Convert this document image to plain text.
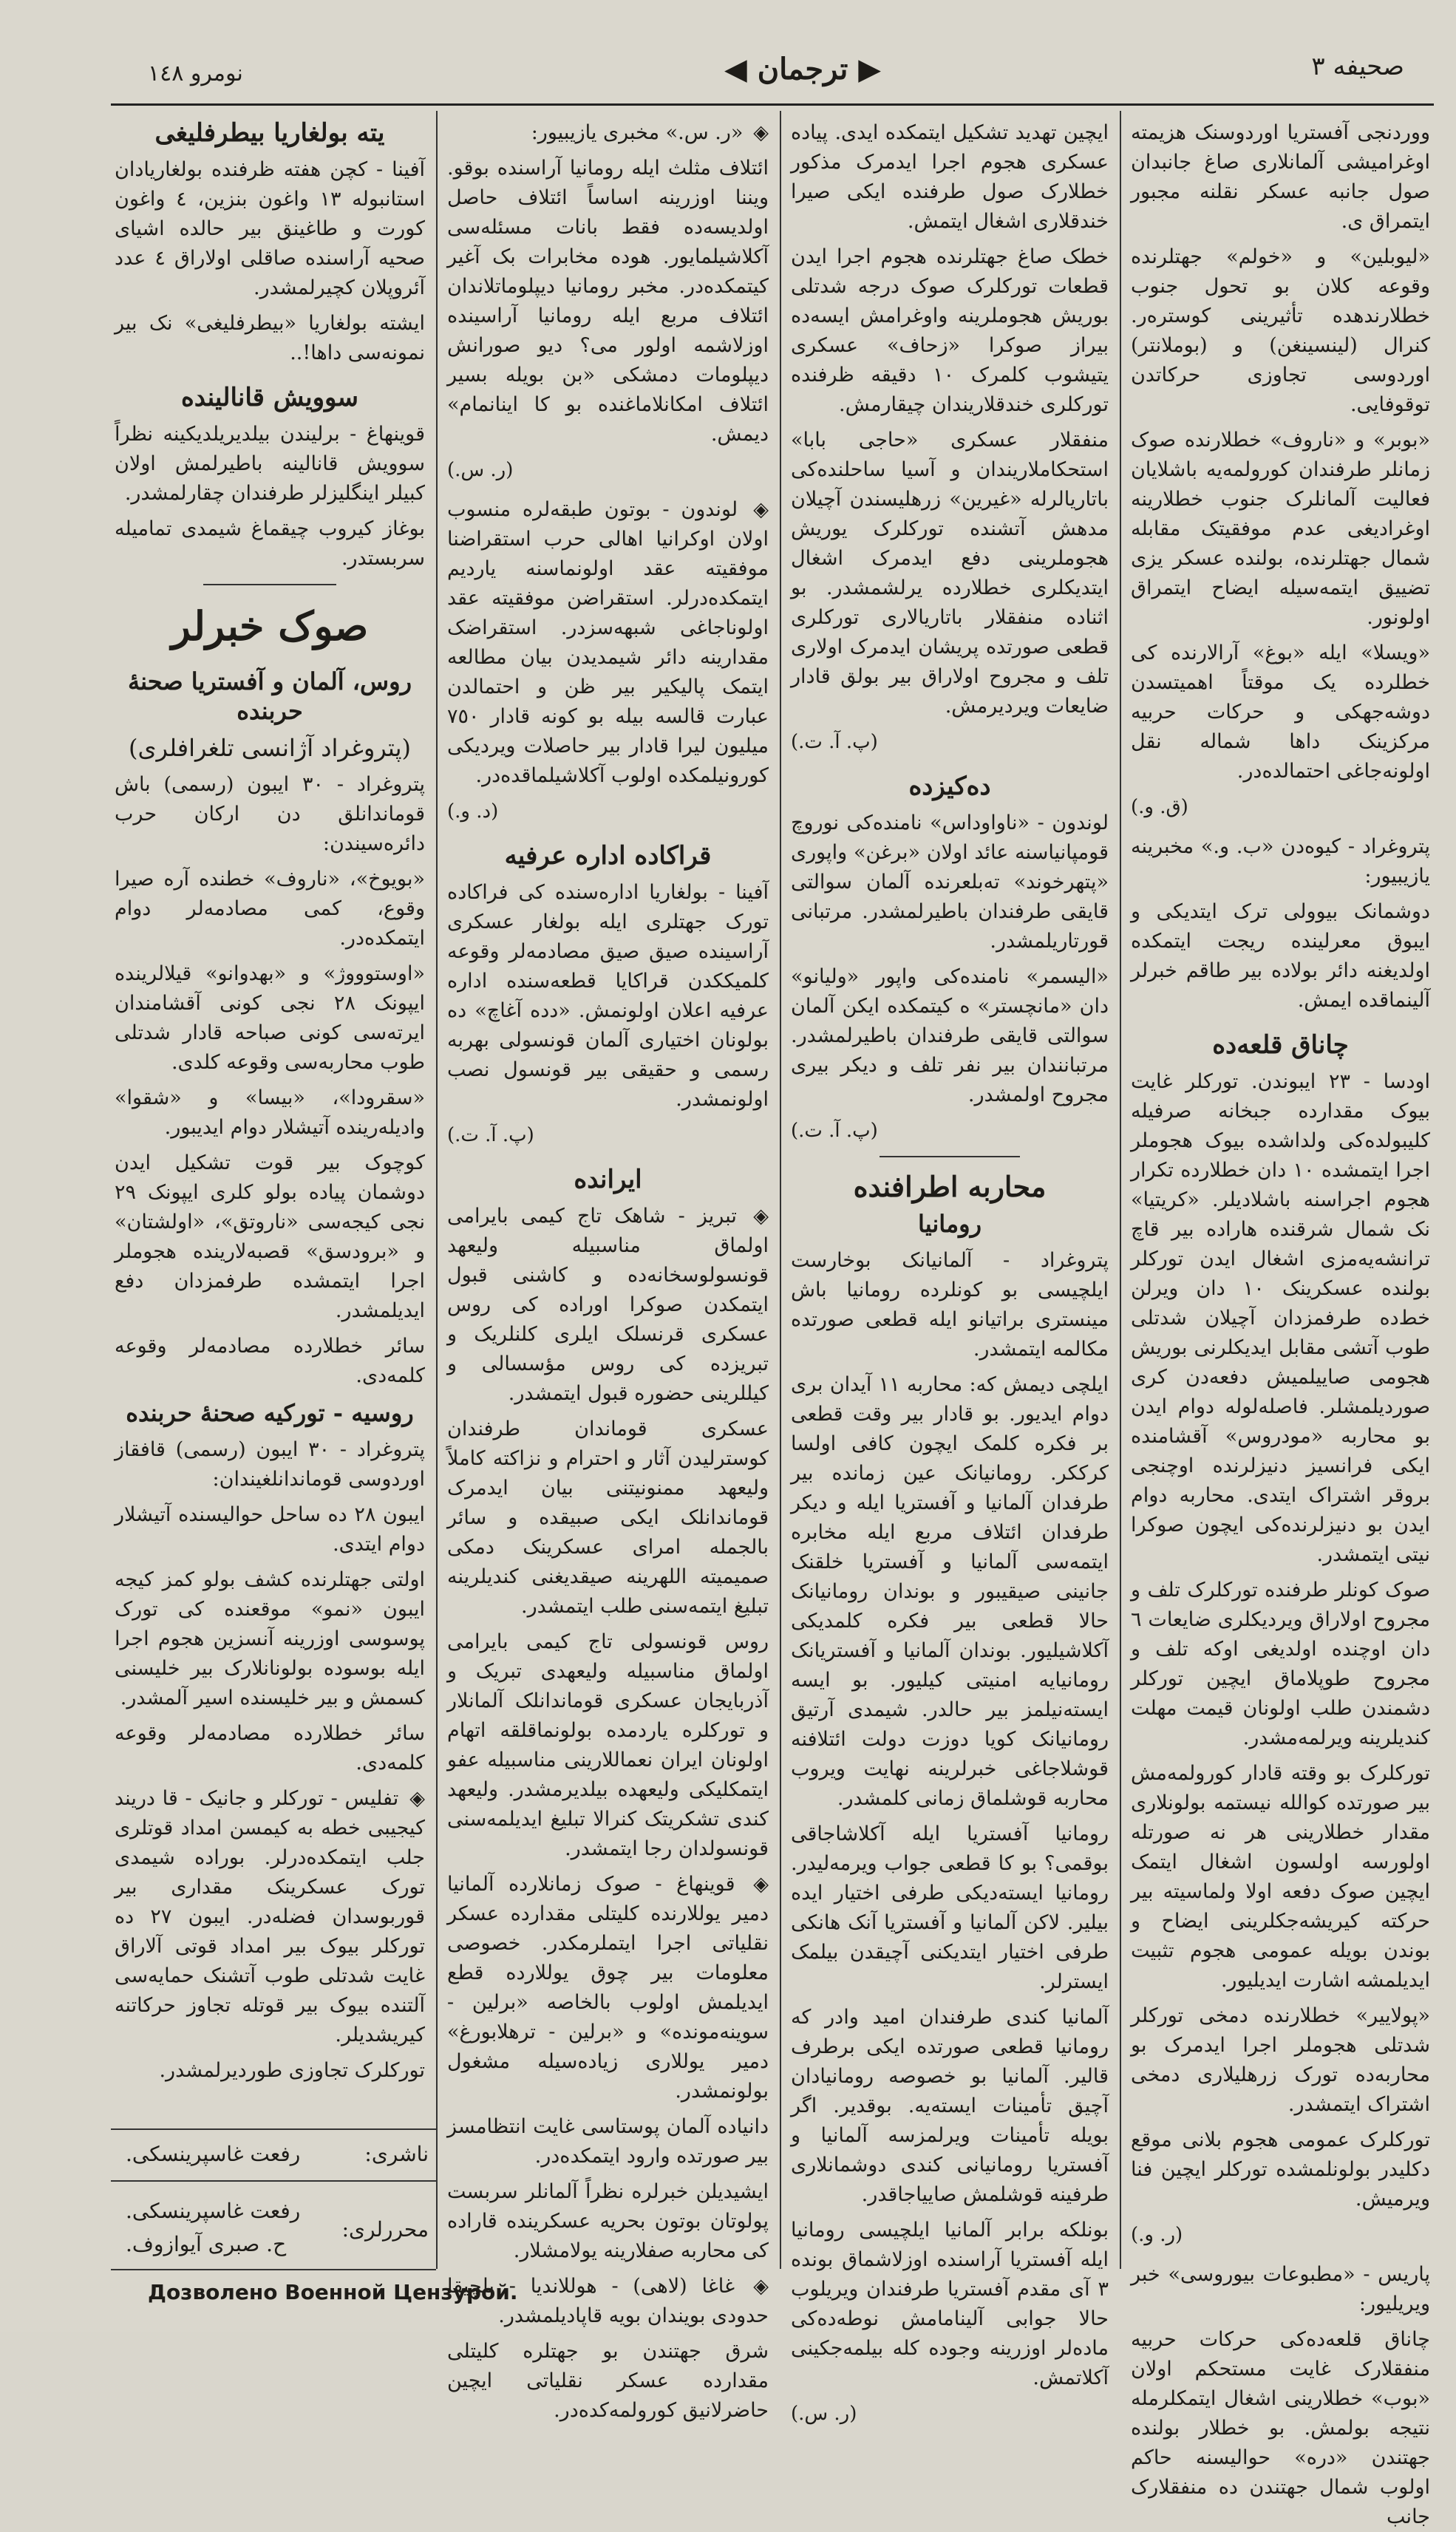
نومرو ١٤٨	◀ ترجمان ▶	صحیفه ٣

ووردنجی آفستریا اوردوسنک هزیمته اوغرامیشی آلمانلاری صاغ جانبدان صول جانبه عسکر نقلنه مجبور ایتمراق ی.

«لیوبلین» و «خولم» جهتلرنده وقوعه کلان بو تحول جنوب خطلارندهده تأثیرینی کوستره‌ر. کنرال (لینسینغن) و (بوملانتر) اوردوسی تجاوزی حرکاتدن توقوفایی.

«بوبر» و «ناروف» خطلارنده صوک زمانلر طرفندان کورولمه‌یه باشلایان فعالیت آلمانلرک جنوب خطلارینه اوغرادیغی عدم موفقیتک مقابله شمال جهتلرنده، بولنده عسکر یزی تضییق ایتمه‌سیله ایضاح ایتمراق اولونور.

«ویسلا» ایله «بوغ» آرالارنده کی خطلرده یک موقتاً اهمیتسدن دوشه‌جهکی و حرکات حربیه مرکزینک داها شماله نقل اولونه‌جاغی احتمالده‌در.

(ق. و.)

پتروغراد - کیوه‌دن «ب. و.» مخبرینه یازیبیور:

دوشمانک بیوولی ترک ایتدیکی و ایبوق معرلینده ریجت ایتمکده اولدیغنه دائر بولاده بیر طاقم خبرلر آلینماقده ایمش.

چاناق قلعه‌ده

اودسا - ٢٣ ایبوندن. تورکلر غایت بیوک مقدارده جبخانه صرفیله کلیبولده‌کی ولداشده بیوک هجوملر اجرا ایتمشده ۱۰ دان خطلارده تکرار هجوم اجراسنه باشلادیلر. «کریتیا» نک شمال شرقنده هاراده بیر قاچ ترانشه‌یه‌مزی اشغال ایدن تورکلر بولنده عسکرینک ۱۰ دان ویرلن خط‌ده طرفمزدان آچیلان شدتلی طوب آتشی مقابل ایدیکلرنی بوریش هجومی صاییلمیش دفعه‌دن کری صوردیلمشلر. فاصله‌لوله دوام ایدن بو محاربه «مودروس» آقشامنده ایکی فرانسیز دنیزلرنده اوچنجی بروقر اشتراک ایتدی. محاربه دوام ایدن بو دنیزلرنده‌کی ایچون صوکرا نیتی ایتمشدر.

صوک کونلر طرفنده تورکلرک تلف و مجروح اولاراق ویردیکلری ضایعات ٦ دان اوچنده اولدیغی اوکه تلف و مجروح طوپلاماق ایچین تورکلر دشمندن طلب اولونان قیمت مهلت کندیلرینه ویرلمه‌مشدر.

تورکلرک بو وقته قادار کورولمه‌مش بیر صورتده کوالله نیستمه بولونلاری مقدار خطلارینی هر نه صورتله اولورسه اولسون اشغال ایتمک ایچین صوک دفعه اولا ولماسیته بیر حرکته کیریشه‌جکلرینی ایضاح و بوندن بویله عمومی هجوم تثبیت ایدیلمشه اشارت ایدیلیور.

«پولاییر» خطلارنده دمخی تورکلر شدتلی هجوملر اجرا ایدمرک بو محاربه‌ده تورک زرهلیلاری دمخی اشتراک ایتمشدر.

تورکلرک عمومی هجوم بلانی موقع دکلیدر بولونلمشده تورکلر ایچین فنا ویرمیش.

(ر. و.)

پاریس - «مطبوعات بیوروسی» خبر ویریلیور:

چاناق قلعه‌ده‌کی حرکات حربیه منفقلارک غایت مستحکم اولان «بوب» خطلارینی اشغال ایتمکلرمله نتیجه بولمش. بو خطلار بولنده جهتندن «دره» حوالیسنه حاکم اولوب شمال جهتندن ده منفقلارک جانب

ایچین تهدید تشکیل ایتمکده ایدی. پیاده عسکری هجوم اجرا ایدمرک مذکور خطلارک صول طرفنده ایکی صیرا خندقلاری اشغال ایتمش.

خطک صاغ جهتلرنده هجوم اجرا ایدن قطعات تورکلرک صوک درجه شدتلی بوریش هجوملرینه واوغرامش ایسه‌ده بیراز صوکرا «زحاف» عسکری یتیشوب کلمرک ١٠ دقیقه ظرفنده تورکلری خندقلاریندان چیقارمش.

منفقلار عسکری «حاجی بابا» استحکاملاریندان و آسیا ساحلنده‌کی باتاریالرله «غیرین» زرهلیسندن آچیلان مدهش آتشنده تورکلرک یوریش هجوملرینی دفع ایدمرک اشغال ایتدیکلری خطلارده یرلشمشدر. بو اثناده منفقلار باتاریالاری تورکلری قطعی صورتده پریشان ایدمرک اولاری تلف و مجروح اولاراق بیر بولق قادار ضایعات ویردیرمش.

(پ. آ. ت.)
ده‌کیزده

لوندون - «ناواوداس» نامنده‌کی نوروچ قومپانیاسنه عائد اولان «برغن» واپوری «پتهرخوند» ته‌بلعرنده آلمان سوالتی قایقی طرفندان باطیرلمشدر. مرتبانی قورتاریلمشدر.

«الیسمر» نامنده‌کی واپور «ولیانو» دان «مانچستر» ه کیتمکده ایکن آلمان سوالتی قایقی طرفندان باطیرلمشدر. مرتبانندان بیر نفر تلف و دیکر بیری مجروح اولمشدر.

(پ. آ. ت.)
محاربه اطرافنده
رومانیا

پتروغراد - آلمانیانک بوخارست ایلچیسی بو کونلرده رومانیا باش مینستری براتیانو ایله قطعی صورتده مکالمه ایتمشدر.

ایلچی دیمش که: محاربه ١١ آیدان بری دوام ایدیور. بو قادار بیر وقت قطعی بر فکره کلمک ایچون کافی اولسا کرککر. رومانیانک عین زمانده بیر طرفدان آلمانیا و آفستریا ایله و دیکر طرفدان ائتلاف مربع ایله مخابره ایتمه‌سی آلمانیا و آفستریا خلقنک جانینی صیقیبور و بوندان رومانیانک حالا قطعی بیر فکره کلمدیکی آکلاشیلیور. بوندان آلمانیا و آفستریانک رومانیایه امنیتی کیلیور. بو ایسه ایسته‌نیلمز بیر حالدر. شیمدی آرتیق رومانیانک کویا دوزت دولت ائتلافنه قوشلاجاغی خبرلرینه نهایت ویروب محاربه قوشلماق زمانی کلمشدر.

رومانیا آفستریا ایله آکلاشاجاقی بوقمی؟ بو کا قطعی جواب ویرمه‌لیدر. رومانیا ایسته‌دیکی طرفی اختیار ایده بیلیر. لاکن آلمانیا و آفستریا آنک هانکی طرفی اختیار ایتدیکنی آچیقدن بیلمک ایسترلر.

آلمانیا کندی طرفندان امید وادر که رومانیا قطعی صورتده ایکی برطرف قالیر. آلمانیا بو خصوصه رومانیادان آچیق تأمینات ایسته‌یه. بوقدیر. اگر بویله تأمینات ویرلمزسه آلمانیا و آفستریا رومانیانی کندی دوشمانلاری طرفینه قوشلمش صاییاجاقدر.

بونلکه برابر آلمانیا ایلچیسی رومانیا ایله آفستریا آراسنده اوزلاشماق بونده ٣ آی مقدم آفستریا طرفندان ویریلوب حالا جوابی آلینامامش نوطه‌ده‌کی ماده‌لر اوزرینه وجوده کله بیلمه‌جکینی آکلاتمش.

(ر. س.)

◈ «ر. س.» مخبری یازیبیور:

ائتلاف مثلث ایله رومانیا آراسنده بوقو. ویننا اوزرینه اساساً ائتلاف حاصل اولدیسه‌ده فقط بانات مسئله‌سی آکلاشیلمایور. هوده مخابرات بک آغیر کیتمکده‌در. مخبر رومانیا دیپلوماتلاندان ائتلاف مربع ایله رومانیا آراسینده اوزلاشمه اولور می؟ دیو صورانش دیپلومات دمشکی «بن بویله بسیر ائتلاف امکانلاماغنده بو کا اینانمام» دیمش.

(ر. س.)

◈ لوندون - بوتون طبقه‌لره منسوب اولان اوکرانیا اهالی حرب استقراضنا موفقیته عقد اولونماسنه یاردیم ایتمکده‌درلر. استقراضن موفقیته عقد اولوناجاغی شبهه‌سزدر. استقراضک مقدارینه دائر شیمدیدن بیان مطالعه ایتمک پالیکیر بیر ظن و احتمالدن عبارت قالسه بیله بو کونه قادار ٧٥٠ میلیون لیرا قادار بیر حاصلات ویردیکی کورونیلمکده اولوب آکلاشیلماقده‌در.

(د. و.)
قراکاده اداره عرفیه

آفینا - بولغاریا ادارەسنده کی فراکاده تورک جهتلری ایله بولغار عسکری آراسینده صیق صیق مصادمه‌لر وقوعه کلمیککدن قراکایا قطعه‌سنده اداره عرفیه اعلان اولونمش. «دده آغاچ» ده بولونان اختیاری آلمان قونسولی بهربه رسمی و حقیقی بیر قونسول نصب اولونمشدر.

(پ. آ. ت.)
ایرانده

◈ تبریز - شاهک تاج کیمی بایرامی اولماق مناسبیله ولیعهد قونسولوسخانه‌ده و کاشنی قبول ایتمکدن صوکرا اوراده کی روس عسکری قرنسلک ایلری کلنلریک و تبریزده کی روس مؤسسالی و کیللرینی حضوره قبول ایتمشدر.

عسکری قوماندان طرفندان کوسترلیدن آثار و احترام و نزاکته کاملاً ولیعهد ممنونیتنی بیان ایدمرک قوماندانلک ایکی صبیقده و سائر بالجمله امرای عسکرینک دمکی صمیمیته اللهرینه صیقدیغنی کندیلرینه تبلیغ ایتمه‌سنی طلب ایتمشدر.

روس قونسولی تاج کیمی بایرامی اولماق مناسبیله ولیعهدی تبریک و آذربایجان عسکری قوماندانلک آلمانلار و تورکلره یاردمده بولونماقلقه اتهام اولونان ایران نعماللارینی مناسبیله عفو ایتمکلیکی ولیعهده بیلدیرمشدر. ولیعهد کندی تشکریتک کنرالا تبلیغ ایدیلمه‌سنی قونسولدان رجا ایتمشدر.

◈ قوینهاغ - صوک زمانلارده آلمانیا دمیر یوللارنده کلیتلی مقدارده عسکر نقلیاتی اجرا ایتملرمکدر. خصوصی معلومات بیر چوق یوللارده قطع ایدیلمش اولوب بالخاصه «برلین - سوینه‌موندە» و «برلین - ترهلابورغ» دمیر یوللاری زیاده‌سیله مشغول بولونمشدر.

دانیاده آلمان پوستاسی غایت انتظامسز بیر صورتده وارود ایتمکده‌در.

ایشیدیلن خبرلره نظراً آلمانلر سربست پولوتان بوتون بحریه عسکرینده قاراده کی محاربه صفلارینه یولامشلار.

◈ غاغا (لاهی) - هوللاندیا - بلچیقا حدودی بویندان بویه قاپادیلمشدر.

شرق جهتندن بو جهتلره کلیتلی مقدارده عسکر نقلیاتی ایچین حاضرلانیق کورولمه‌کده‌در.

یته بولغاریا بیطرفلیغی

آفینا - کچن هفته ظرفنده بولغاریادان استانبوله ١٣ واغون بنزین، ٤ واغون کورت و طاغینق بیر حالده اشیای صحیه آراسنده صاقلی اولاراق ٤ عدد آئروپلان کچیرلمشدر.

ایشته بولغاریا «بیطرفلیغی» نک بیر نمونه‌سی داها!..

سوویش قانالینده

قوینهاغ - برلیندن بیلدیریلدیکینه نظراً سوویش قانالینه باطیرلمش اولان کبیلر اینگلیزلر طرفندان چقارلمشدر.

بوغاز کیروب چیقماغ شیمدی تمامیله سربستدر.

صوک خبرلر
روس، آلمان و آفستریا صحنهٔ حربنده
(پتروغراد آژانسی تلغرافلری)

پتروغراد - ٣٠ ایبون (رسمی) باش قوماندانلق دن ارکان حرب دائره‌سیندن:

«بویوخ»، «ناروف» خطنده آره صیرا وقوع، کمی مصادمه‌لر دوام ایتمکده‌در.

«اوستوووژ» و «بهدوانو» قیلالرینده ایپونک ٢٨ نجی کونی آقشامندان ایرته‌سی کونی صباحه قادار شدتلی طوب محاربه‌سی وقوعه کلدی.

«سقرودا»، «بیسا» و «شقوا» وادیله‌رینده آتیشلار دوام ایدیبور.

کوچوک بیر قوت تشکیل ایدن دوشمان پیاده بولو کلری ایپونک ٢٩ نجی کیجه‌سی «ناروتق»، «اولشتان» و «برودسق» قصبه‌لارینده هجوملر اجرا ایتمشده طرفمزدان دفع ایدیلمشدر.

سائر خطلارده مصادمه‌لر وقوعه کلمه‌دی.

روسیه - تورکیه صحنهٔ حربنده

پتروغراد - ٣٠ ایبون (رسمی) قافقاز اوردوسی قوماندانلغیندان:

ایبون ٢٨ ده ساحل حوالیسنده آتیشلار دوام ایتدی.

اولتی جهتلرنده کشف بولو کمز کیجه ایبون «نمو» موقعنده کی تورک پوسوسی اوزرینه آنسزین هجوم اجرا ایله بوسوده بولونانلارک بیر خلیسنی کسمش و بیر خلیسنده اسیر آلمشدر.

سائر خطلارده مصادمه‌لر وقوعه کلمه‌دی.

◈ تفلیس - تورکلر و جانیک - قا دریند کیجیبی خطه به کیمسن امداد قوتلری جلب ایتمکده‌درلر. بوراده شیمدی تورک عسکرینک مقداری بیر قوربوسدان فضله‌در. ایبون ٢٧ ده تورکلر بیوک بیر امداد قوتی آلاراق غایت شدتلی طوب آتشنک حمایه‌سی آلتنده بیوک بیر قوتله تجاوز حرکاتنه کیریشدیلر.

تورکلرک تجاوزی طوردیرلمشدر.

ناشری:
رفعت غاسپرینسکی.
محررلری:
رفعت غاسپرینسکی.
ح. صبری آیوازوف.
Дозволено Военной Цензурой.
